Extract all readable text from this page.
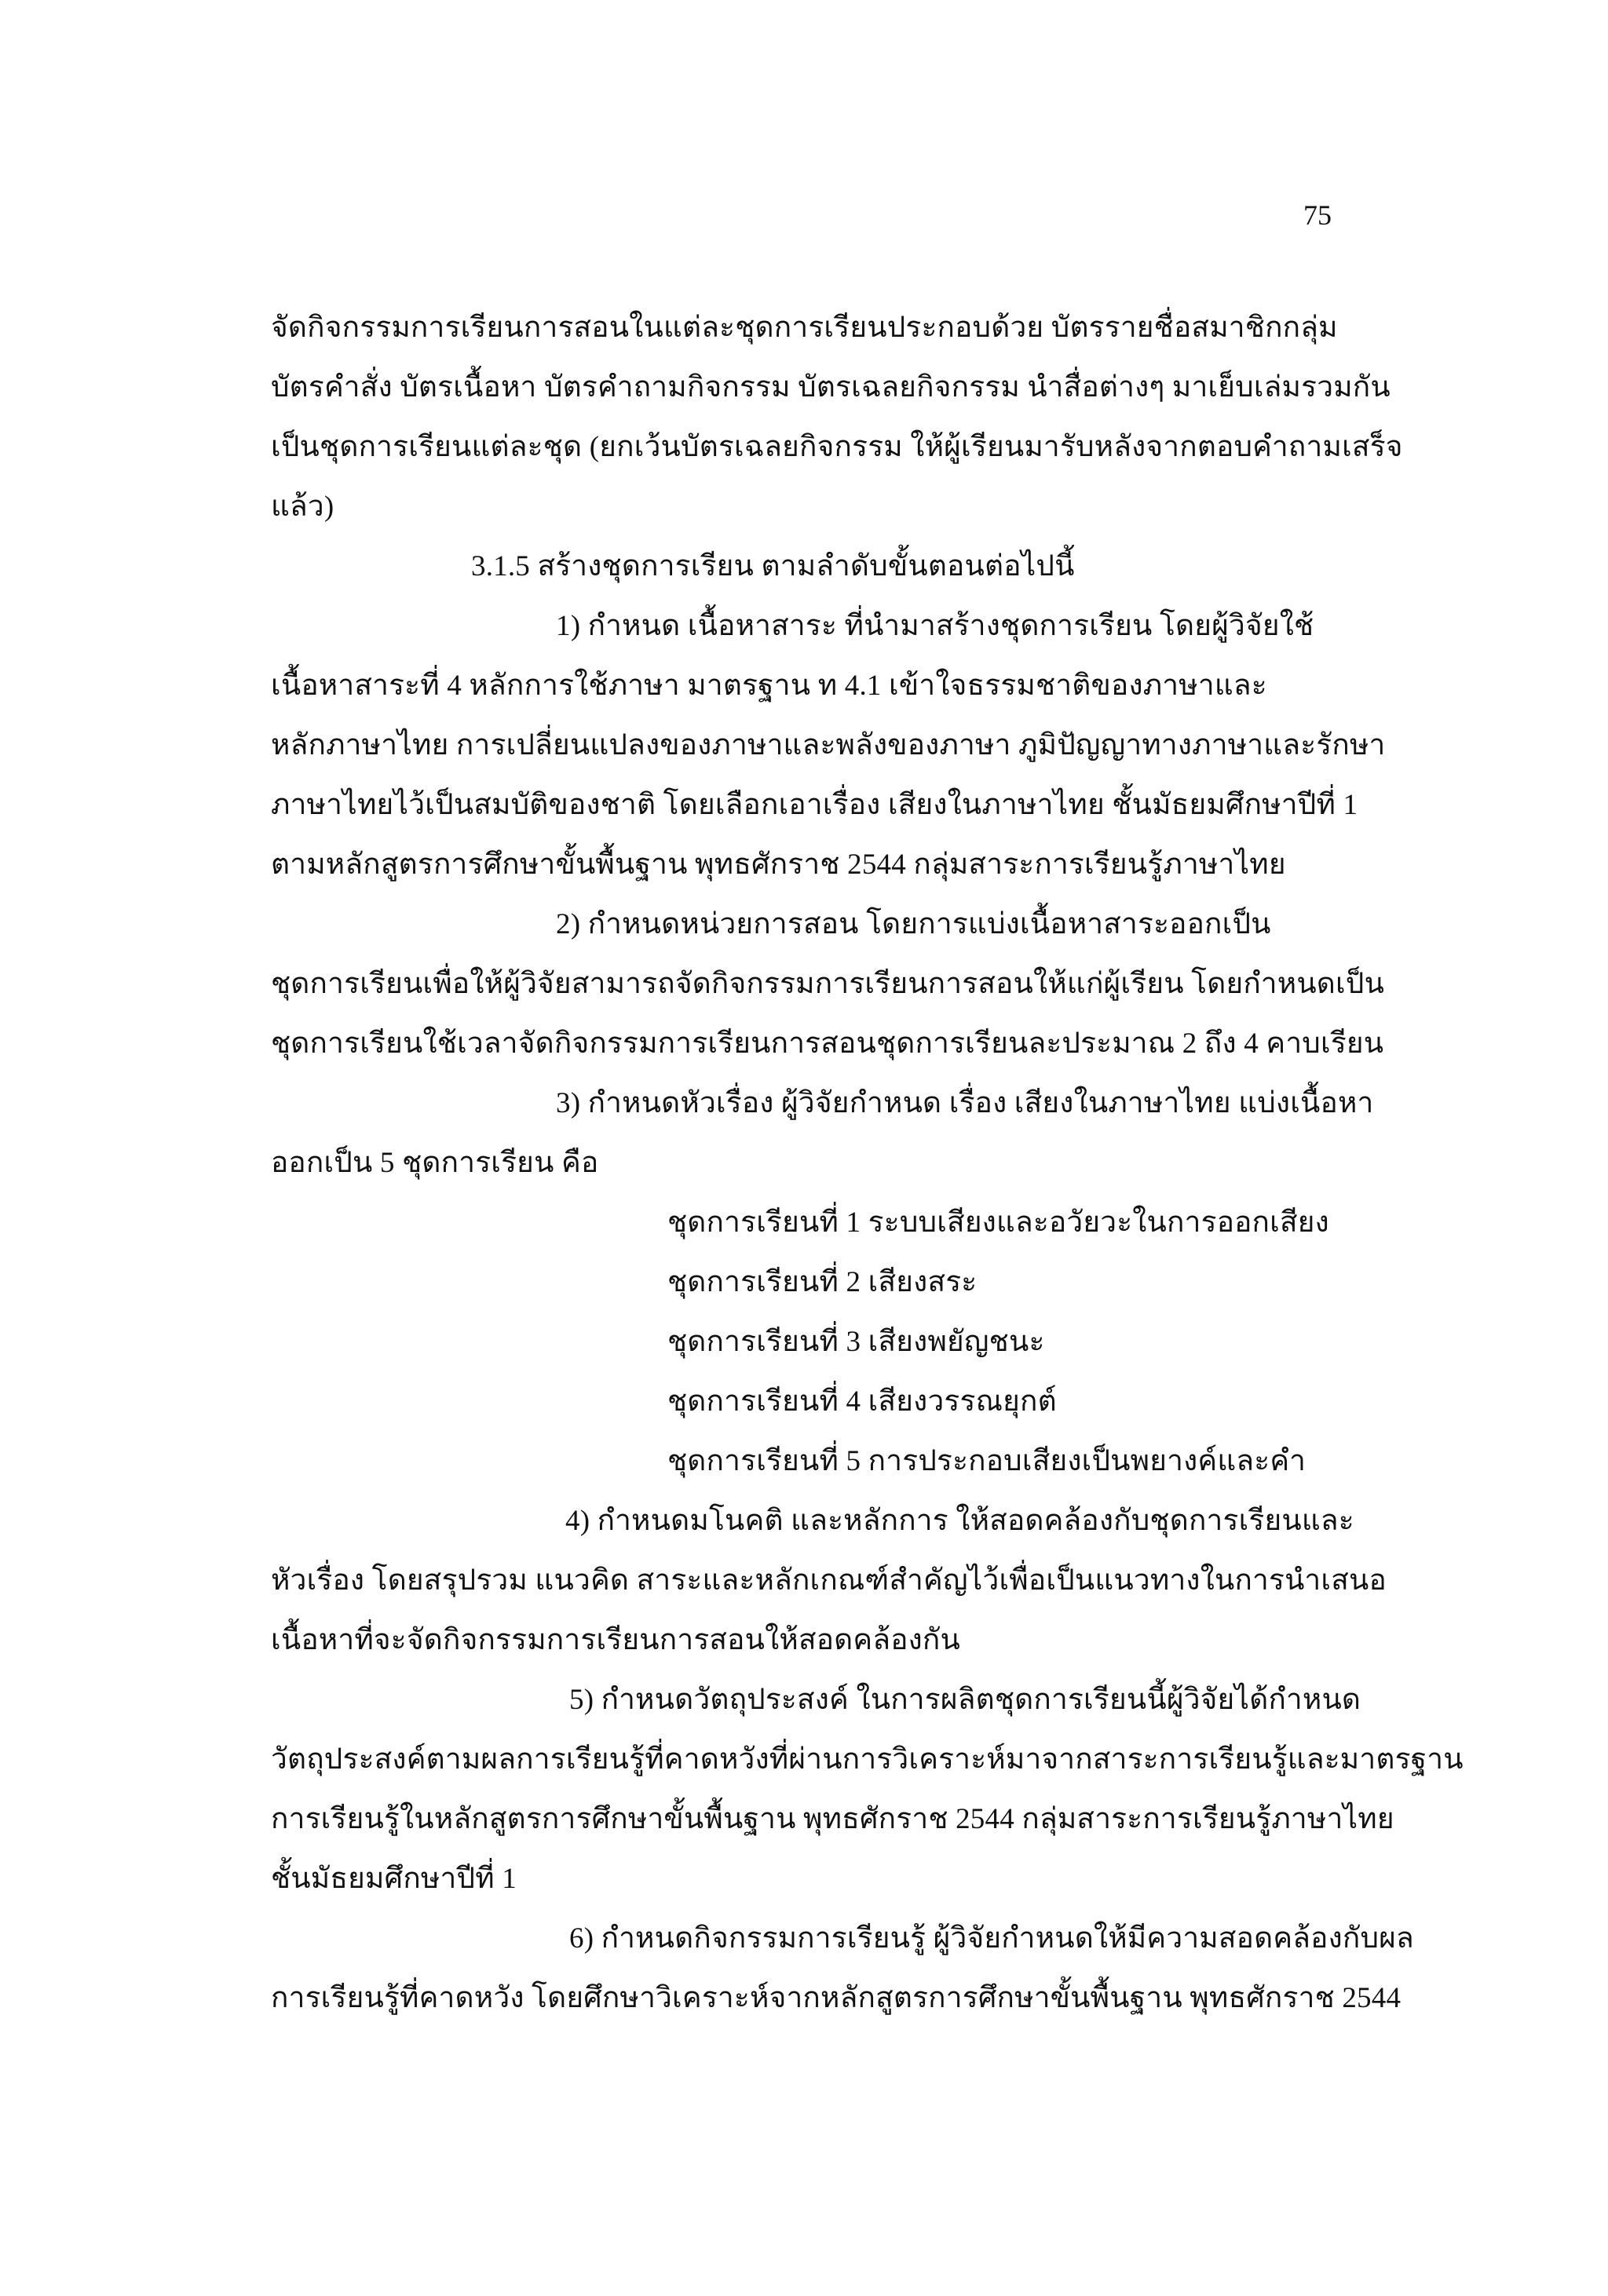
75
จัดกิจกรรมการเรียนการสอนในแต่ละชุดการเรียนประกอบด้วย บัตรรายชื่อสมาชิกกลุ่ม
บัตรคำสั่ง บัตรเนื้อหา บัตรคำถามกิจกรรม บัตรเฉลยกิจกรรม นำสื่อต่างๆ มาเย็บเล่มรวมกัน
เป็นชุดการเรียนแต่ละชุด (ยกเว้นบัตรเฉลยกิจกรรม ให้ผู้เรียนมารับหลังจากตอบคำถามเสร็จ
แล้ว)
3.1.5 สร้างชุดการเรียน ตามลำดับขั้นตอนต่อไปนี้
1) กำหนด เนื้อหาสาระ ที่นำมาสร้างชุดการเรียน โดยผู้วิจัยใช้
เนื้อหาสาระที่ 4 หลักการใช้ภาษา มาตรฐาน ท 4.1 เข้าใจธรรมชาติของภาษาและ
หลักภาษาไทย การเปลี่ยนแปลงของภาษาและพลังของภาษา ภูมิปัญญาทางภาษาและรักษา
ภาษาไทยไว้เป็นสมบัติของชาติ โดยเลือกเอาเรื่อง เสียงในภาษาไทย ชั้นมัธยมศึกษาปีที่ 1
ตามหลักสูตรการศึกษาขั้นพื้นฐาน พุทธศักราช 2544 กลุ่มสาระการเรียนรู้ภาษาไทย
2) กำหนดหน่วยการสอน โดยการแบ่งเนื้อหาสาระออกเป็น
ชุดการเรียนเพื่อให้ผู้วิจัยสามารถจัดกิจกรรมการเรียนการสอนให้แก่ผู้เรียน โดยกำหนดเป็น
ชุดการเรียนใช้เวลาจัดกิจกรรมการเรียนการสอนชุดการเรียนละประมาณ 2 ถึง 4 คาบเรียน
3) กำหนดหัวเรื่อง ผู้วิจัยกำหนด เรื่อง เสียงในภาษาไทย แบ่งเนื้อหา
ออกเป็น 5 ชุดการเรียน คือ
ชุดการเรียนที่ 1 ระบบเสียงและอวัยวะในการออกเสียง
ชุดการเรียนที่ 2 เสียงสระ
ชุดการเรียนที่ 3 เสียงพยัญชนะ
ชุดการเรียนที่ 4 เสียงวรรณยุกต์
ชุดการเรียนที่ 5 การประกอบเสียงเป็นพยางค์และคำ
4) กำหนดมโนคติ และหลักการ ให้สอดคล้องกับชุดการเรียนและ
หัวเรื่อง โดยสรุปรวม แนวคิด สาระและหลักเกณฑ์สำคัญไว้เพื่อเป็นแนวทางในการนำเสนอ
เนื้อหาที่จะจัดกิจกรรมการเรียนการสอนให้สอดคล้องกัน
5) กำหนดวัตถุประสงค์ ในการผลิตชุดการเรียนนี้ผู้วิจัยได้กำหนด
วัตถุประสงค์ตามผลการเรียนรู้ที่คาดหวังที่ผ่านการวิเคราะห์มาจากสาระการเรียนรู้และมาตรฐาน
การเรียนรู้ในหลักสูตรการศึกษาขั้นพื้นฐาน พุทธศักราช 2544 กลุ่มสาระการเรียนรู้ภาษาไทย
ชั้นมัธยมศึกษาปีที่ 1
6) กำหนดกิจกรรมการเรียนรู้ ผู้วิจัยกำหนดให้มีความสอดคล้องกับผล
การเรียนรู้ที่คาดหวัง โดยศึกษาวิเคราะห์จากหลักสูตรการศึกษาขั้นพื้นฐาน พุทธศักราช 2544
